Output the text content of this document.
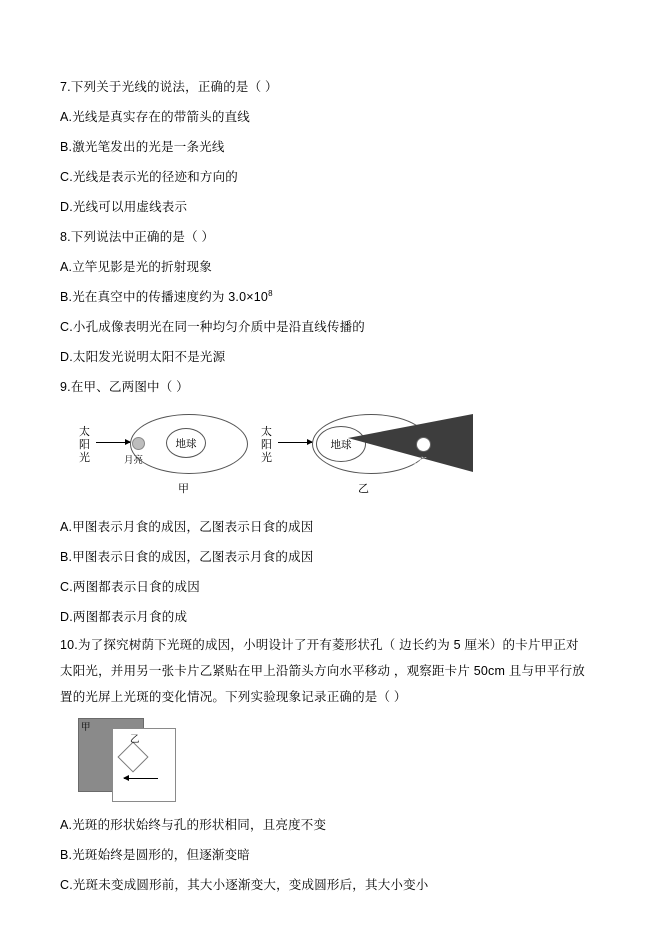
7.下列关于光线的说法，正确的是（ ）
A.光线是真实存在的带箭头的直线
B.激光笔发出的光是一条光线
C.光线是表示光的径迹和方向的
D.光线可以用虚线表示
8.下列说法中正确的是（ ）
A.立竿见影是光的折射现象
B.光在真空中的传播速度约为 $3.0\times 10^8$
C.小孔成像表明光在同一种均匀介质中是沿直线传播的
D.太阳发光说明太阳不是光源
9.在甲、乙两图中（ ）
太阳光	月亮
地球
甲
太阳光
地球
月亮
乙
A.甲图表示月食的成因，乙图表示日食的成因
B.甲图表示日食的成因，乙图表示月食的成因
C.两图都表示日食的成因
D.两图都表示月食的成
10.为了探究树荫下光斑的成因，小明设计了开有菱形状孔（ 边长约为 5 厘米）的卡片甲正对
太阳光，并用另一张卡片乙紧贴在甲上沿箭头方向水平移动 ，观察距卡片 50cm 且与甲平行放
置的光屏上光斑的变化情况。下列实验现象记录正确的是（ ）
甲
乙
A.光斑的形状始终与孔的形状相同，且亮度不变
B.光斑始终是圆形的，但逐渐变暗
C.光斑未变成圆形前，其大小逐渐变大，变成圆形后，其大小变小
